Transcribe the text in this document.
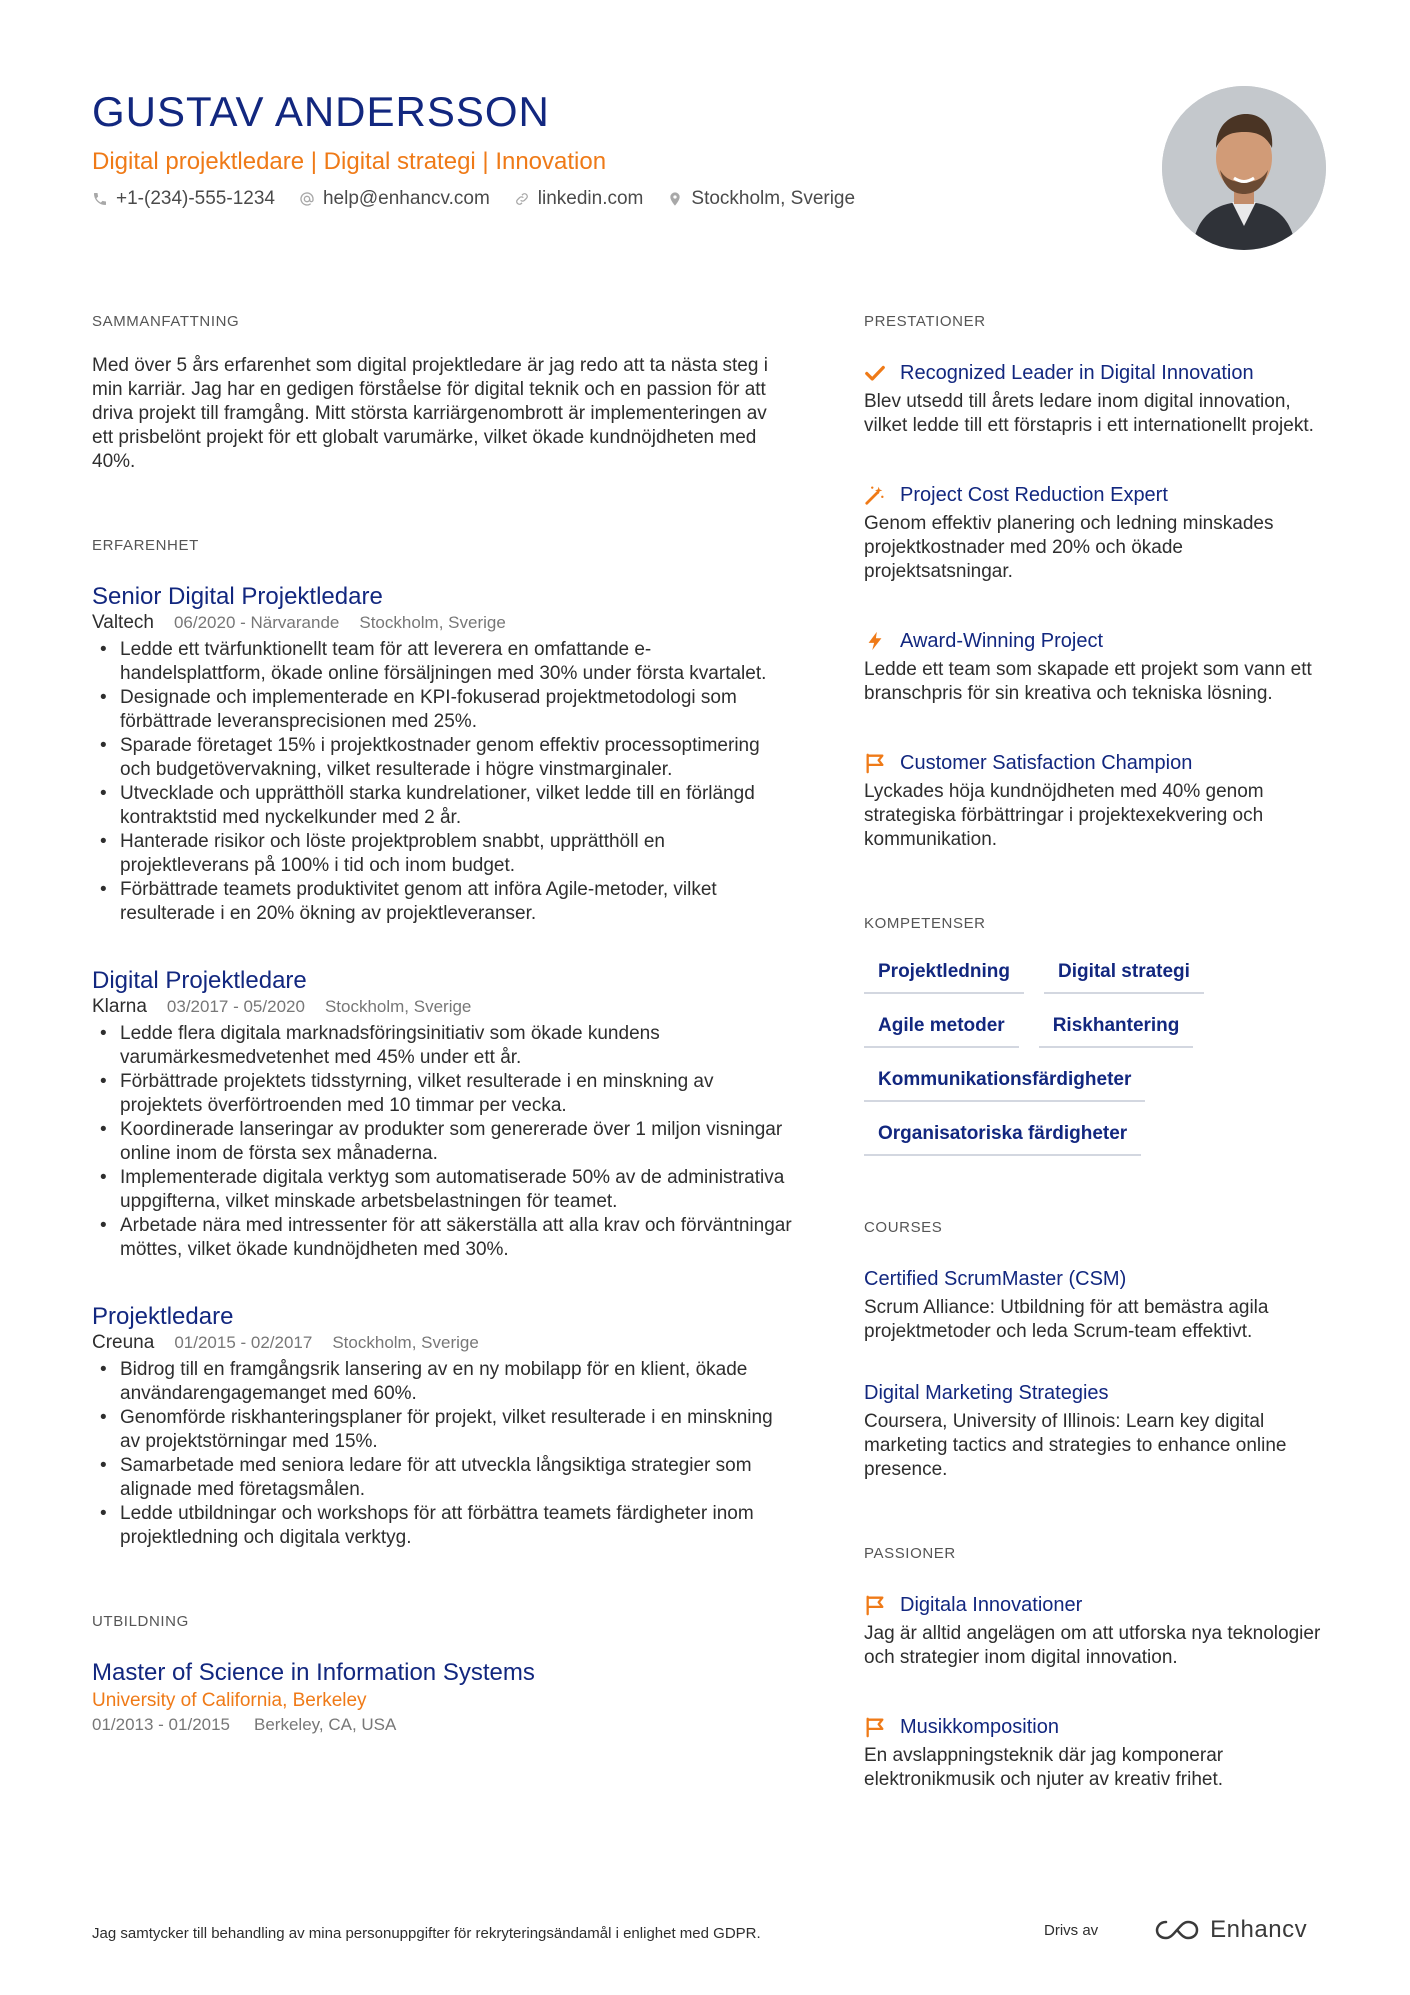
GUSTAV ANDERSSON
Digital projektledare | Digital strategi | Innovation
+1-(234)-555-1234	help@enhancv.com	linkedin.com	Stockholm, Sverige
SAMMANFATTNING

Med över 5 års erfarenhet som digital projektledare är jag redo att ta nästa steg i min karriär. Jag har en gedigen förståelse för digital teknik och en passion för att driva projekt till framgång. Mitt största karriärgenombrott är implementeringen av ett prisbelönt projekt för ett globalt varumärke, vilket ökade kundnöjdheten med 40%.

ERFARENHET
Senior Digital Projektledare
Valtech 06/2020 - Närvarande Stockholm, Sverige
• Ledde ett tvärfunktionellt team för att leverera en omfattande e-handelsplattform, ökade online försäljningen med 30% under första kvartalet.
• Designade och implementerade en KPI-fokuserad projektmetodologi som förbättrade leveransprecisionen med 25%.
• Sparade företaget 15% i projektkostnader genom effektiv processoptimering och budgetövervakning, vilket resulterade i högre vinstmarginaler.
• Utvecklade och upprätthöll starka kundrelationer, vilket ledde till en förlängd kontraktstid med nyckelkunder med 2 år.
• Hanterade risikor och löste projektproblem snabbt, upprätthöll en projektleverans på 100% i tid och inom budget.
• Förbättrade teamets produktivitet genom att införa Agile-metoder, vilket resulterade i en 20% ökning av projektleveranser.
Digital Projektledare
Klarna 03/2017 - 05/2020 Stockholm, Sverige
• Ledde flera digitala marknadsföringsinitiativ som ökade kundens varumärkesmedvetenhet med 45% under ett år.
• Förbättrade projektets tidsstyrning, vilket resulterade i en minskning av projektets överförtroenden med 10 timmar per vecka.
• Koordinerade lanseringar av produkter som genererade över 1 miljon visningar online inom de första sex månaderna.
• Implementerade digitala verktyg som automatiserade 50% av de administrativa uppgifterna, vilket minskade arbetsbelastningen för teamet.
• Arbetade nära med intressenter för att säkerställa att alla krav och förväntningar möttes, vilket ökade kundnöjdheten med 30%.
Projektledare
Creuna 01/2015 - 02/2017 Stockholm, Sverige
• Bidrog till en framgångsrik lansering av en ny mobilapp för en klient, ökade användarengagemanget med 60%.
• Genomförde riskhanteringsplaner för projekt, vilket resulterade i en minskning av projektstörningar med 15%.
• Samarbetade med seniora ledare för att utveckla långsiktiga strategier som alignade med företagsmålen.
• Ledde utbildningar och workshops för att förbättra teamets färdigheter inom projektledning och digitala verktyg.
UTBILDNING
Master of Science in Information Systems
University of California, Berkeley
01/2013 - 01/2015 Berkeley, CA, USA
PRESTATIONER
Recognized Leader in Digital Innovation
Blev utsedd till årets ledare inom digital innovation, vilket ledde till ett förstapris i ett internationellt projekt.
Project Cost Reduction Expert
Genom effektiv planering och ledning minskades projektkostnader med 20% och ökade projektsatsningar.
Award-Winning Project
Ledde ett team som skapade ett projekt som vann ett branschpris för sin kreativa och tekniska lösning.
Customer Satisfaction Champion
Lyckades höja kundnöjdheten med 40% genom strategiska förbättringar i projektexekvering och kommunikation.
KOMPETENSER
Projektledning	Digital strategi
Agile metoder	Riskhantering
Kommunikationsfärdigheter
Organisatoriska färdigheter
COURSES
Certified ScrumMaster (CSM)
Scrum Alliance: Utbildning för att bemästra agila projektmetoder och leda Scrum-team effektivt.
Digital Marketing Strategies
Coursera, University of Illinois: Learn key digital marketing tactics and strategies to enhance online presence.
PASSIONER
Digitala Innovationer
Jag är alltid angelägen om att utforska nya teknologier och strategier inom digital innovation.
Musikkomposition
En avslappningsteknik där jag komponerar elektronikmusik och njuter av kreativ frihet.
Jag samtycker till behandling av mina personuppgifter för rekryteringsändamål i enlighet med GDPR.	Drivs av	Enhancv
